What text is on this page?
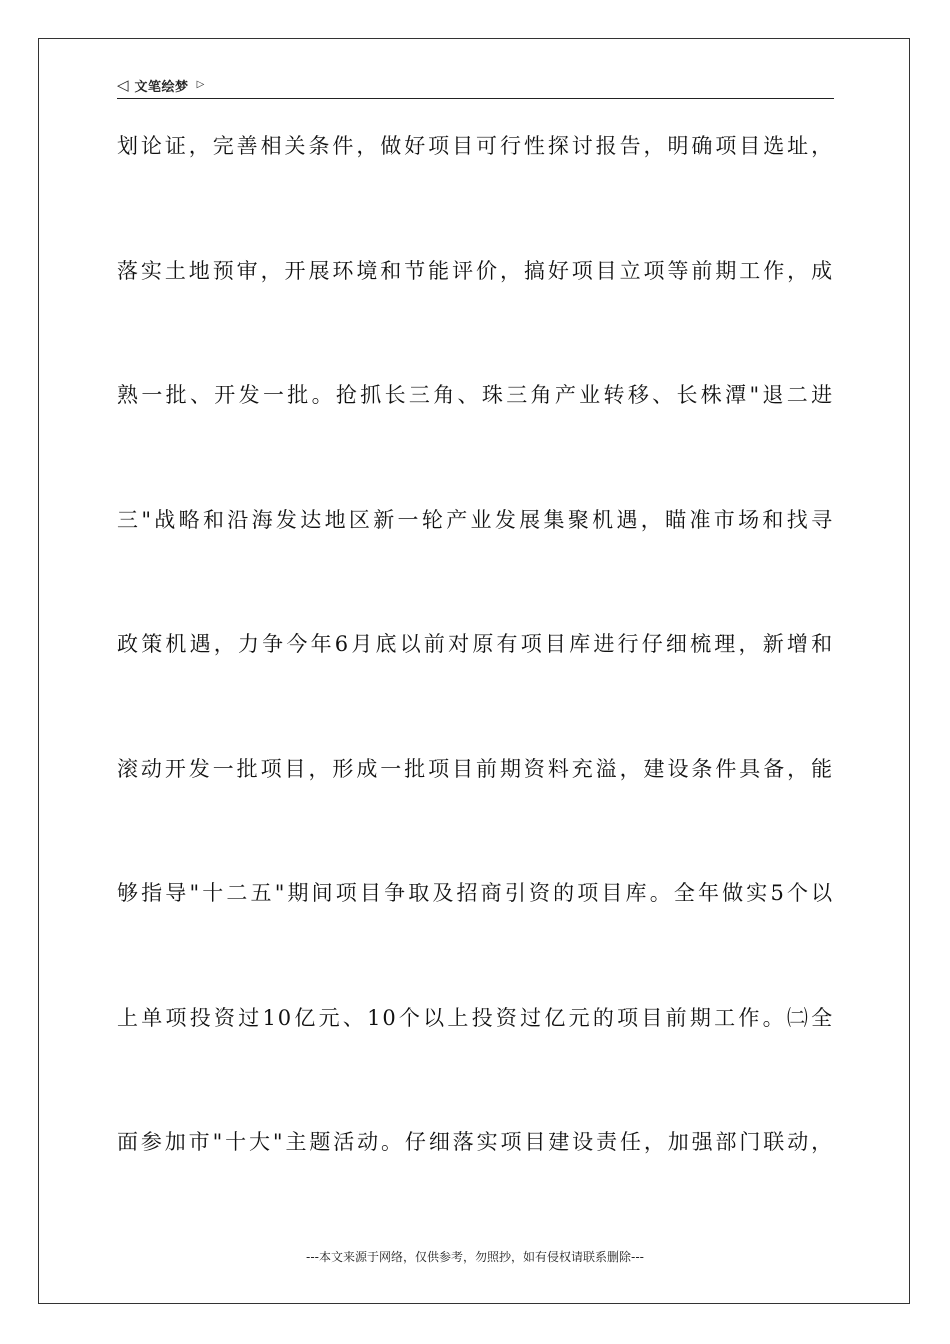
◁ 文笔绘梦 ▷
划论证，完善相关条件，做好项目可行性探讨报告，明确项目选址，
落实土地预审，开展环境和节能评价，搞好项目立项等前期工作，成
熟一批、开发一批。抢抓长三角、珠三角产业转移、长株潭"退二进
三"战略和沿海发达地区新一轮产业发展集聚机遇，瞄准市场和找寻
政策机遇，力争今年6月底以前对原有项目库进行仔细梳理，新增和
滚动开发一批项目，形成一批项目前期资料充溢，建设条件具备，能
够指导"十二五"期间项目争取及招商引资的项目库。全年做实5个以
上单项投资过10亿元、10个以上投资过亿元的项目前期工作。㈡全
面参加市"十大"主题活动。仔细落实项目建设责任，加强部门联动，
---本文来源于网络，仅供参考，勿照抄，如有侵权请联系删除---
